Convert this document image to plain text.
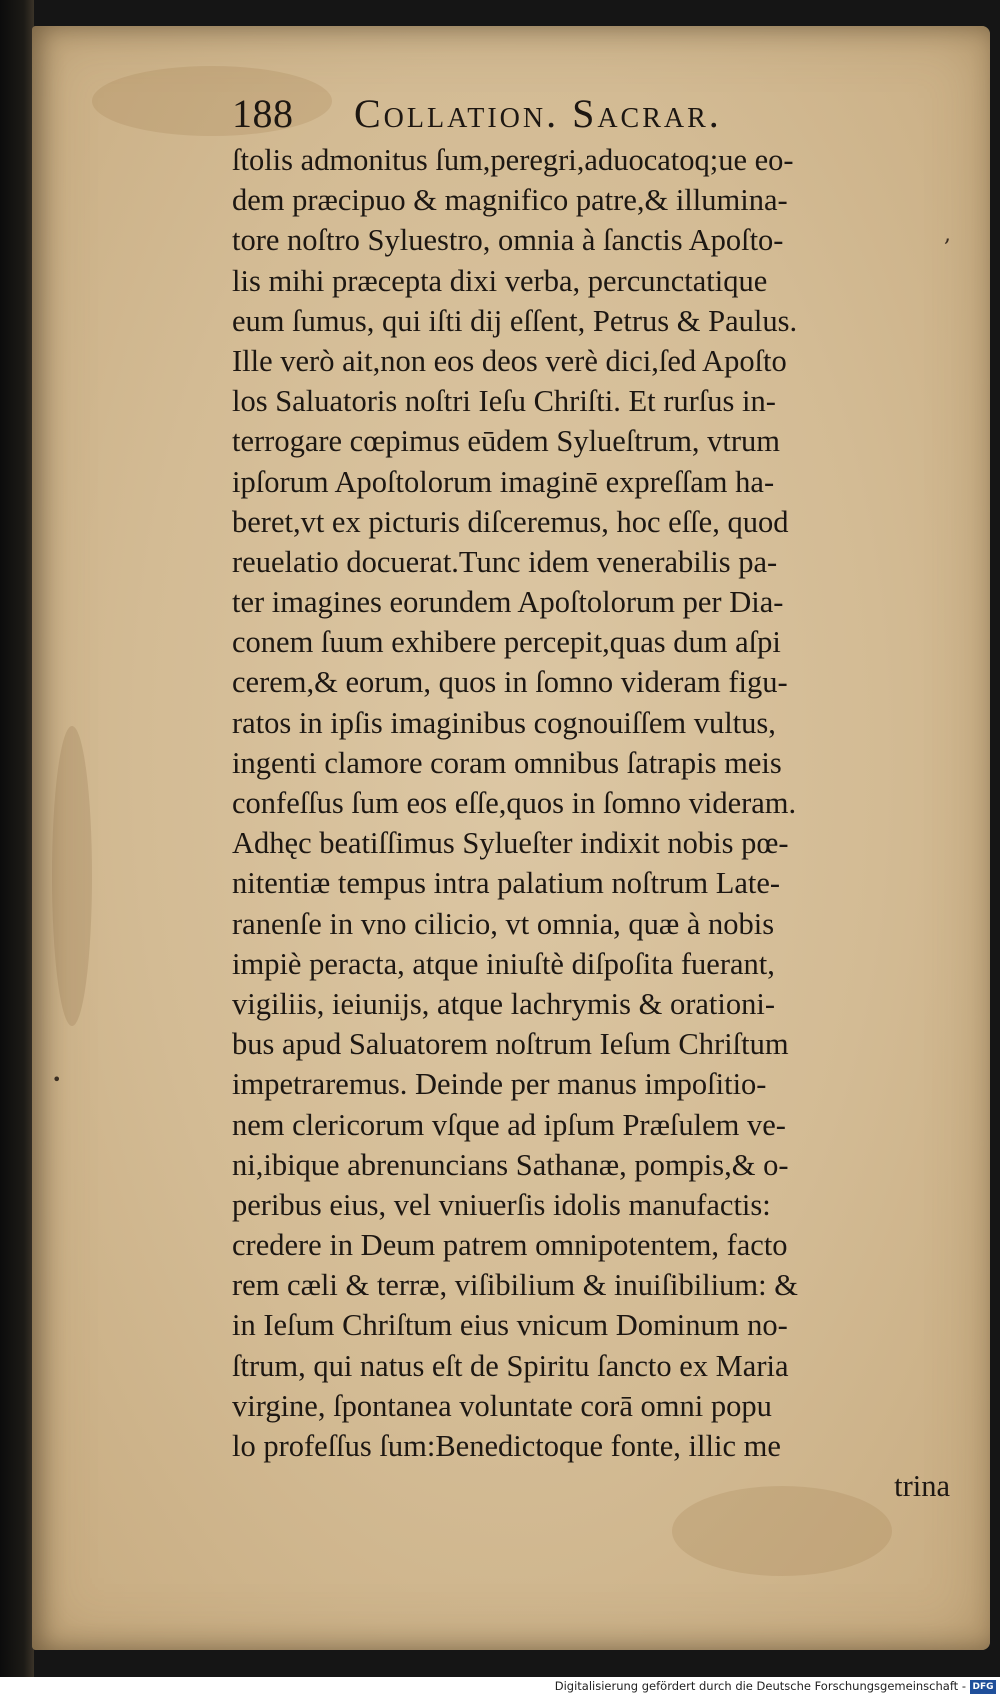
188 Collation. Sacrar.
ſtolis admonitus ſum,peregri,aduocatoq;ue eo-
dem præcipuo & magnifico patre,& illumina-
tore noſtro Syluestro, omnia à ſanctis Apoſto-
lis mihi præcepta dixi verba, percunctatique
eum ſumus, qui iſti dij eſſent, Petrus & Paulus.
Ille verò ait,non eos deos verè dici,ſed Apoſto
los Saluatoris noſtri Ieſu Chriſti. Et rurſus in-
terrogare cœpimus eūdem Sylueſtrum, vtrum
ipſorum Apoſtolorum imaginē expreſſam ha-
beret,vt ex picturis diſceremus, hoc eſſe, quod
reuelatio docuerat.Tunc idem venerabilis pa-
ter imagines eorundem Apoſtolorum per Dia-
conem ſuum exhibere percepit,quas dum aſpi
cerem,& eorum, quos in ſomno videram figu-
ratos in ipſis imaginibus cognouiſſem vultus,
ingenti clamore coram omnibus ſatrapis meis
confeſſus ſum eos eſſe,quos in ſomno videram.
Adhęc beatiſſimus Sylueſter indixit nobis pœ-
nitentiæ tempus intra palatium noſtrum Late-
ranenſe in vno cilicio, vt omnia, quæ à nobis
impiè peracta, atque iniuſtè diſpoſita fuerant,
vigiliis, ieiunijs, atque lachrymis & orationi-
bus apud Saluatorem noſtrum Ieſum Chriſtum
impetraremus. Deinde per manus impoſitio-
nem clericorum vſque ad ipſum Præſulem ve-
ni,ibique abrenuncians Sathanæ, pompis,& o-
peribus eius, vel vniuerſis idolis manufactis:
credere in Deum patrem omnipotentem, facto
rem cæli & terræ, viſibilium & inuiſibilium: &
in Ieſum Chriſtum eius vnicum Dominum no-
ſtrum, qui natus eſt de Spiritu ſancto ex Maria
virgine, ſpontanea voluntate corā omni popu
lo profeſſus ſum:Benedictoque fonte, illic me
trina
,
•
Digitalisierung gefördert durch die Deutsche Forschungsgemeinschaft - DFG
